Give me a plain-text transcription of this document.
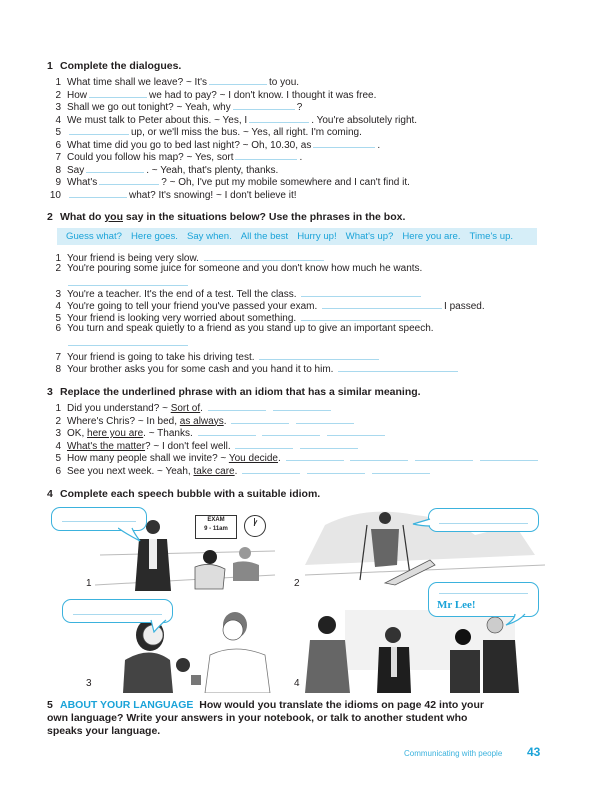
1 Complete the dialogues.
1 What time shall we leave? ~ It's	to you.
2 How	we had to pay? ~ I don't know. I thought it was free.
3 Shall we go out tonight? ~ Yeah, why	?
4 We must talk to Peter about this. ~ Yes, I	. You're absolutely right.
5	up, or we'll miss the bus. ~ Yes, all right. I'm coming.
6 What time did you go to bed last night? ~ Oh, 10.30, as	.
7 Could you follow his map? ~ Yes, sort	.
8 Say	. ~ Yeah, that's plenty, thanks.
9 What's	? ~ Oh, I've put my mobile somewhere and I can't find it.
10	what? It's snowing! ~ I don't believe it!
2 What do you say in the situations below? Use the phrases in the box.
Guess what? Here goes. Say when. All the best Hurry up! What's up? Here you are. Time's up.
1 Your friend is being very slow.
2 You're pouring some juice for someone and you don't know how much he wants.
3 You're a teacher. It's the end of a test. Tell the class.
4 You're going to tell your friend you've passed your exam.	I passed.
5 Your friend is looking very worried about something.
6 You turn and speak quietly to a friend as you stand up to give an important speech.
7 Your friend is going to take his driving test.
8 Your brother asks you for some cash and you hand it to him.
3 Replace the underlined phrase with an idiom that has a similar meaning.
1 Did you understand? ~ Sort of.
2 Where's Chris? ~ In bed, as always.
3 OK, here you are. ~ Thanks.
4 What's the matter? ~ I don't feel well.
5 How many people shall we invite? ~ You decide.
6 See you next week. ~ Yeah, take care.
4 Complete each speech bubble with a suitable idiom.
EXAM
9 - 11am
1	2
3
Mr Lee!
4
5 ABOUT YOUR LANGUAGE How would you translate the idioms on page 42 into your own language? Write your answers in your notebook, or talk to another student who speaks your language.
Communicating with people 43
